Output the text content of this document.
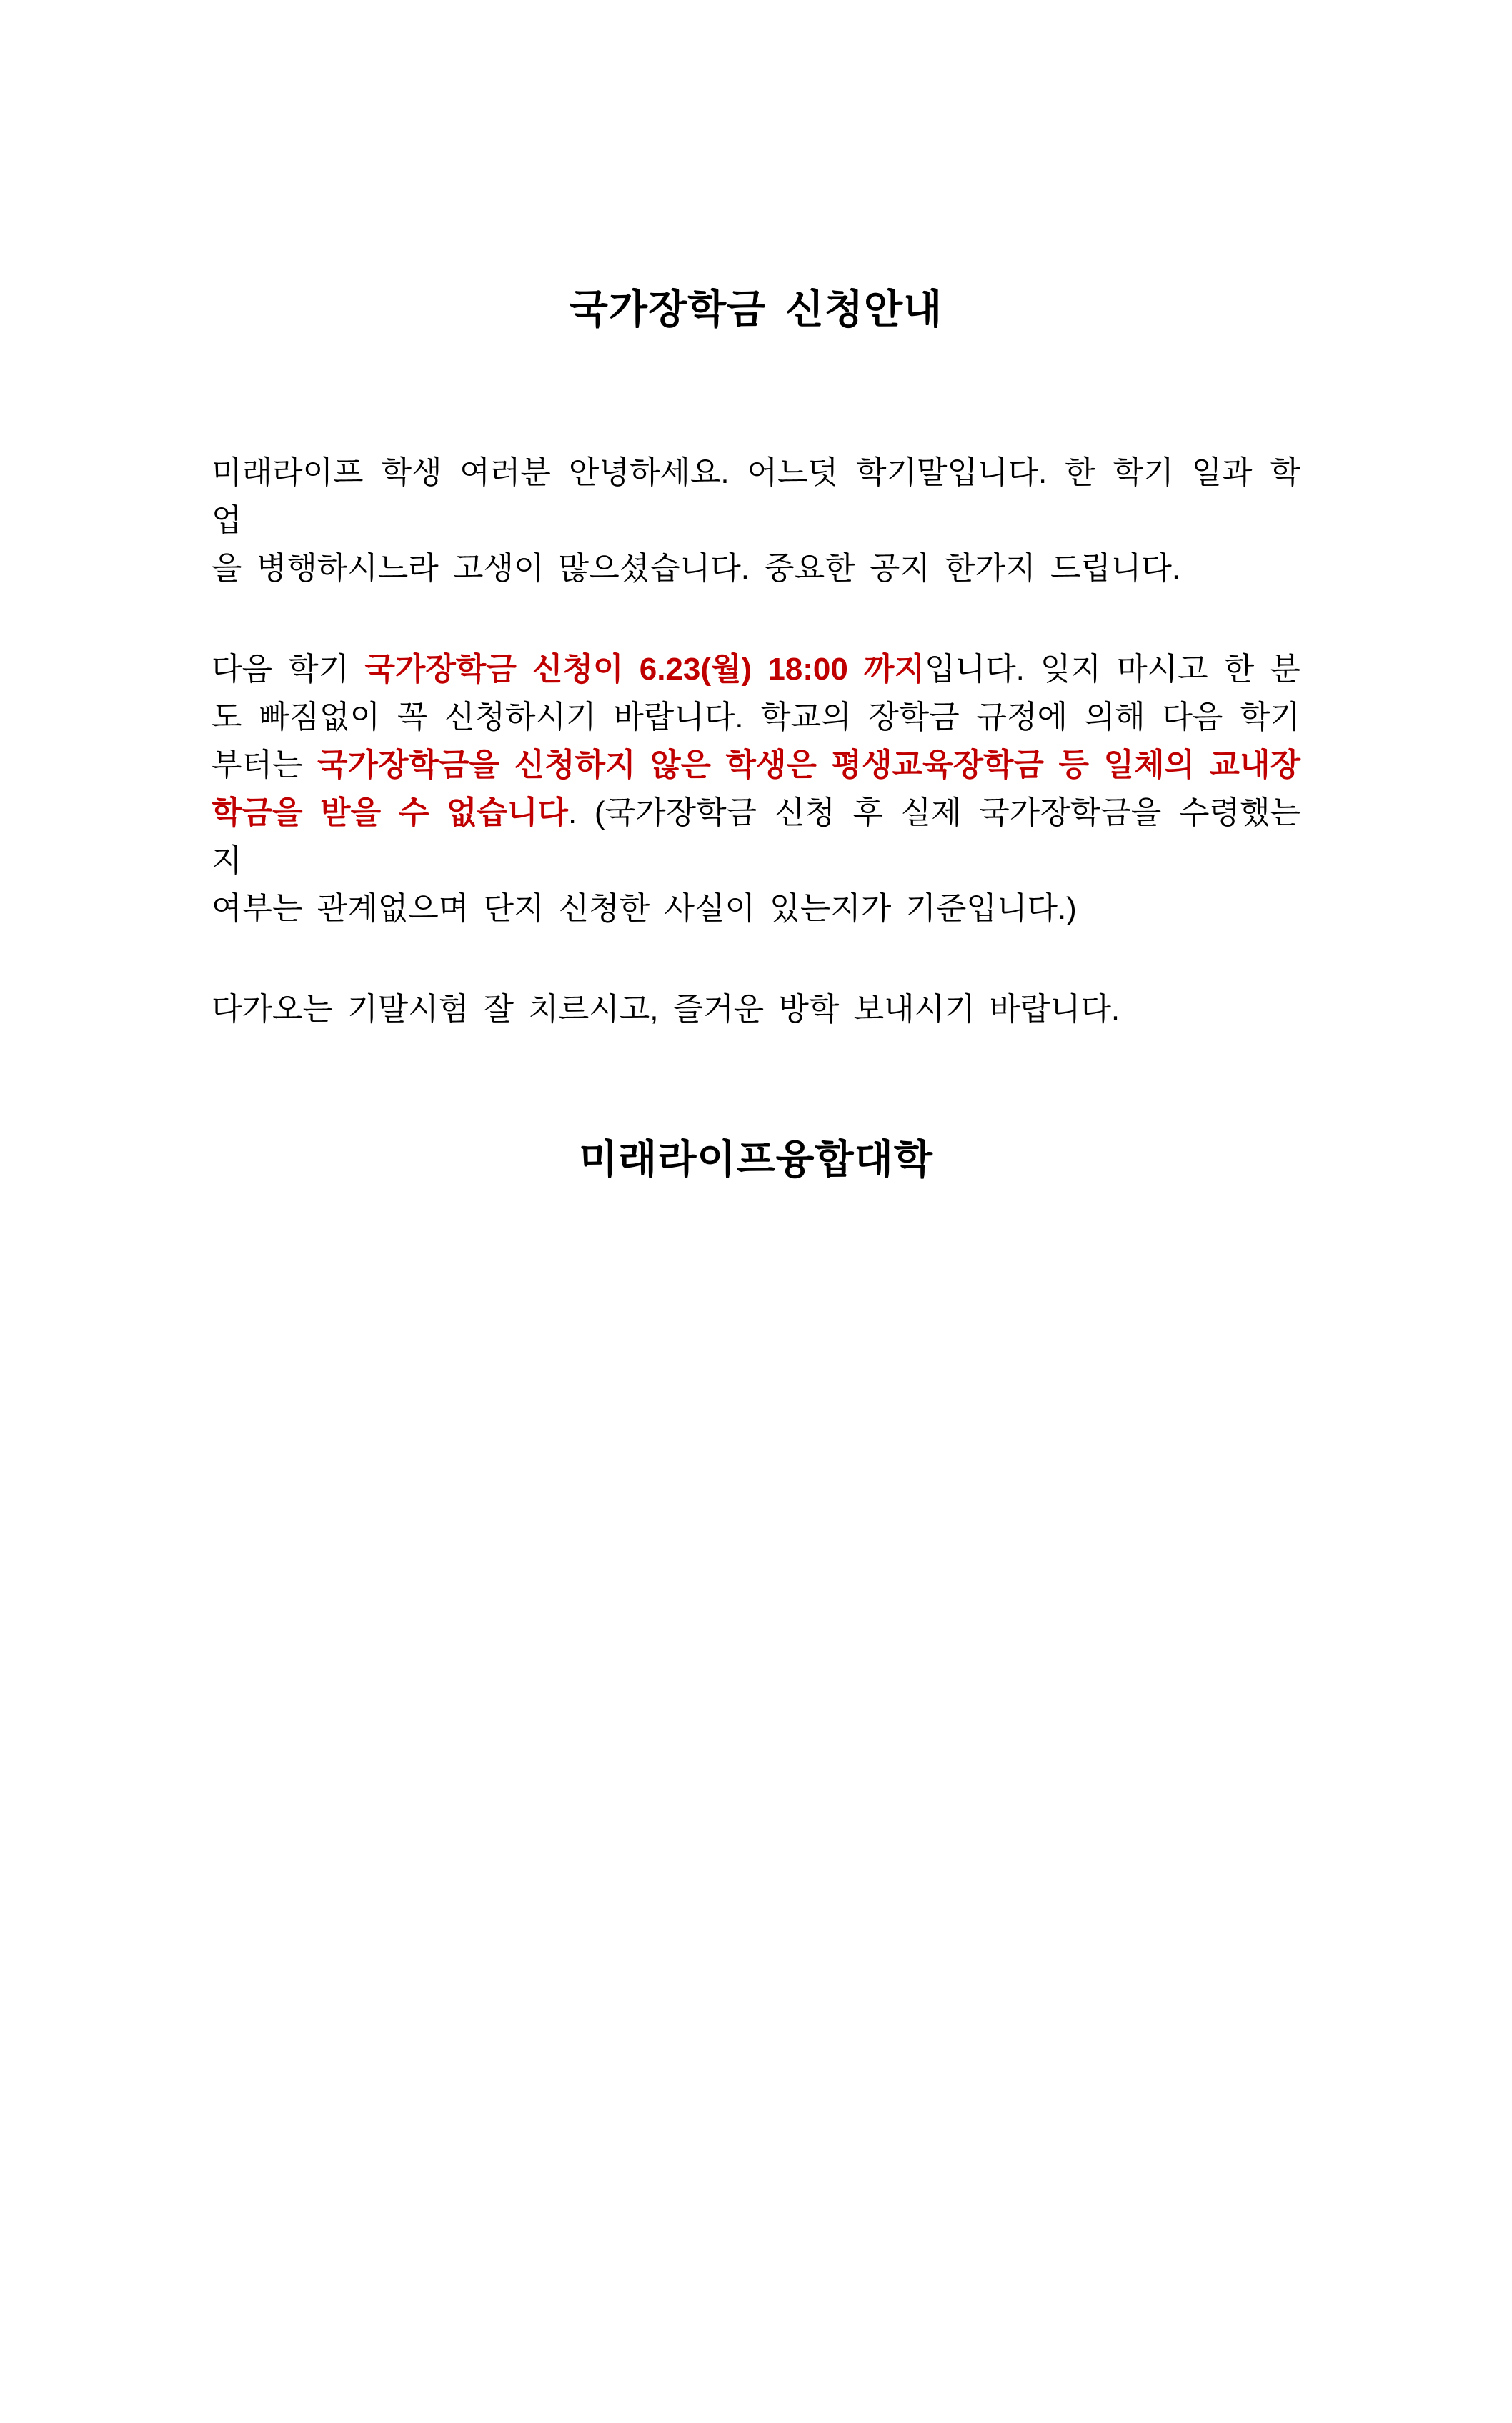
국가장학금 신청안내
미래라이프 학생 여러분 안녕하세요. 어느덧 학기말입니다. 한 학기 일과 학업
을 병행하시느라 고생이 많으셨습니다. 중요한 공지 한가지 드립니다.
다음 학기 국가장학금 신청이 6.23(월) 18:00 까지입니다. 잊지 마시고 한 분
도 빠짐없이 꼭 신청하시기 바랍니다. 학교의 장학금 규정에 의해 다음 학기
부터는 국가장학금을 신청하지 않은 학생은 평생교육장학금 등 일체의 교내장
학금을 받을 수 없습니다. (국가장학금 신청 후 실제 국가장학금을 수령했는지
여부는 관계없으며 단지 신청한 사실이 있는지가 기준입니다.)
다가오는 기말시험 잘 치르시고, 즐거운 방학 보내시기 바랍니다.
미래라이프융합대학
